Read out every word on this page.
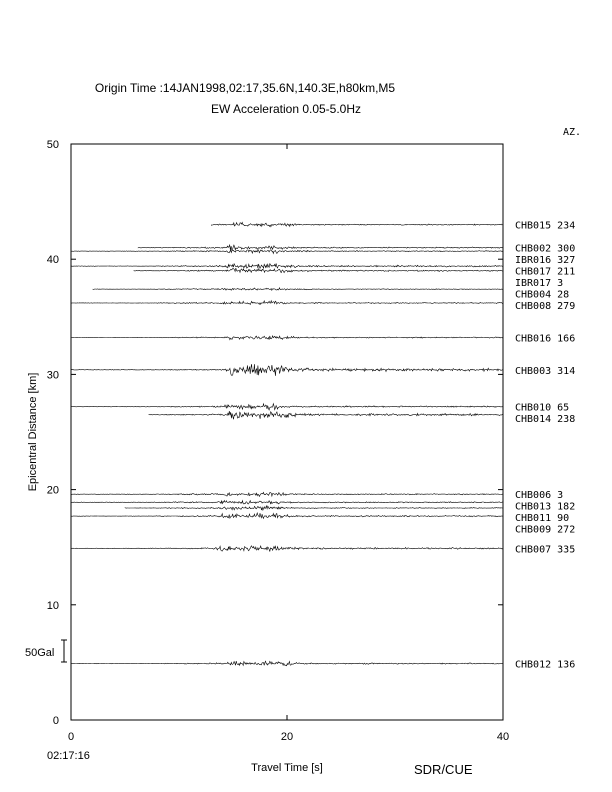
Origin Time :14JAN1998,02:17,35.6N,140.3E,h80km,M5
EW Acceleration 0.05-5.0Hz
AZ.
0
10
20
30
40
50
0	20	40
CHB015 234
CHB002 300
IBR016 327
CHB017 211
IBR017 3
CHB004 28
CHB008 279
CHB016 166
CHB003 314
CHB010 65
CHB014 238
CHB006 3
CHB013 182
CHB011 90
CHB009 272
CHB007 335
CHB012 136
50Gal
Epicentral Distance [km]
Travel Time [s]
02:17:16
SDR/CUE
